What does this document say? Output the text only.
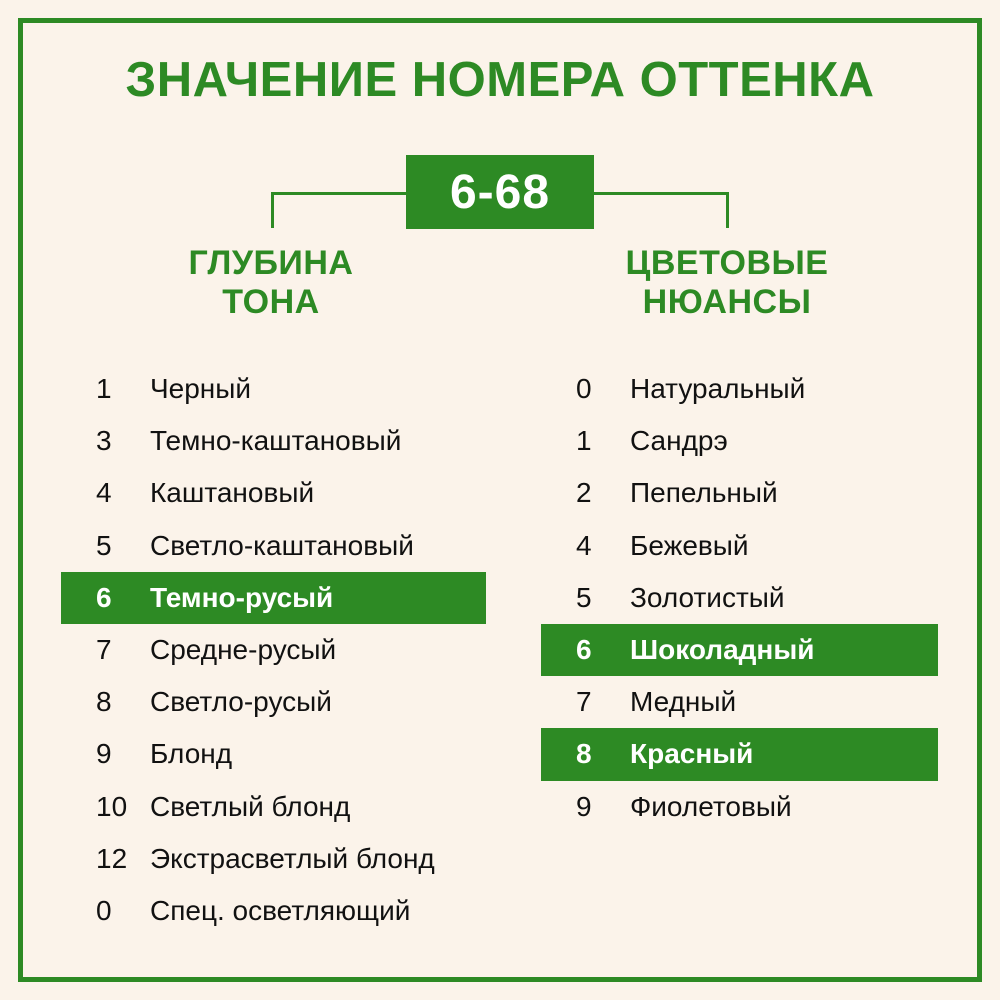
ЗНАЧЕНИЕ НОМЕРА ОТТЕНКА
6-68
ГЛУБИНА
ТОНА
ЦВЕТОВЫЕ
НЮАНСЫ
1	Черный
3	Темно-каштановый
4	Каштановый
5	Светло-каштановый
6	Темно-русый
7	Средне-русый
8	Светло-русый
9	Блонд
10 Светлый блонд
12 Экстрасветлый блонд
0	Спец. осветляющий
0	Натуральный
1	Сандрэ
2	Пепельный
4	Бежевый
5	Золотистый
6	Шоколадный
7	Медный
8	Красный
9	Фиолетовый
